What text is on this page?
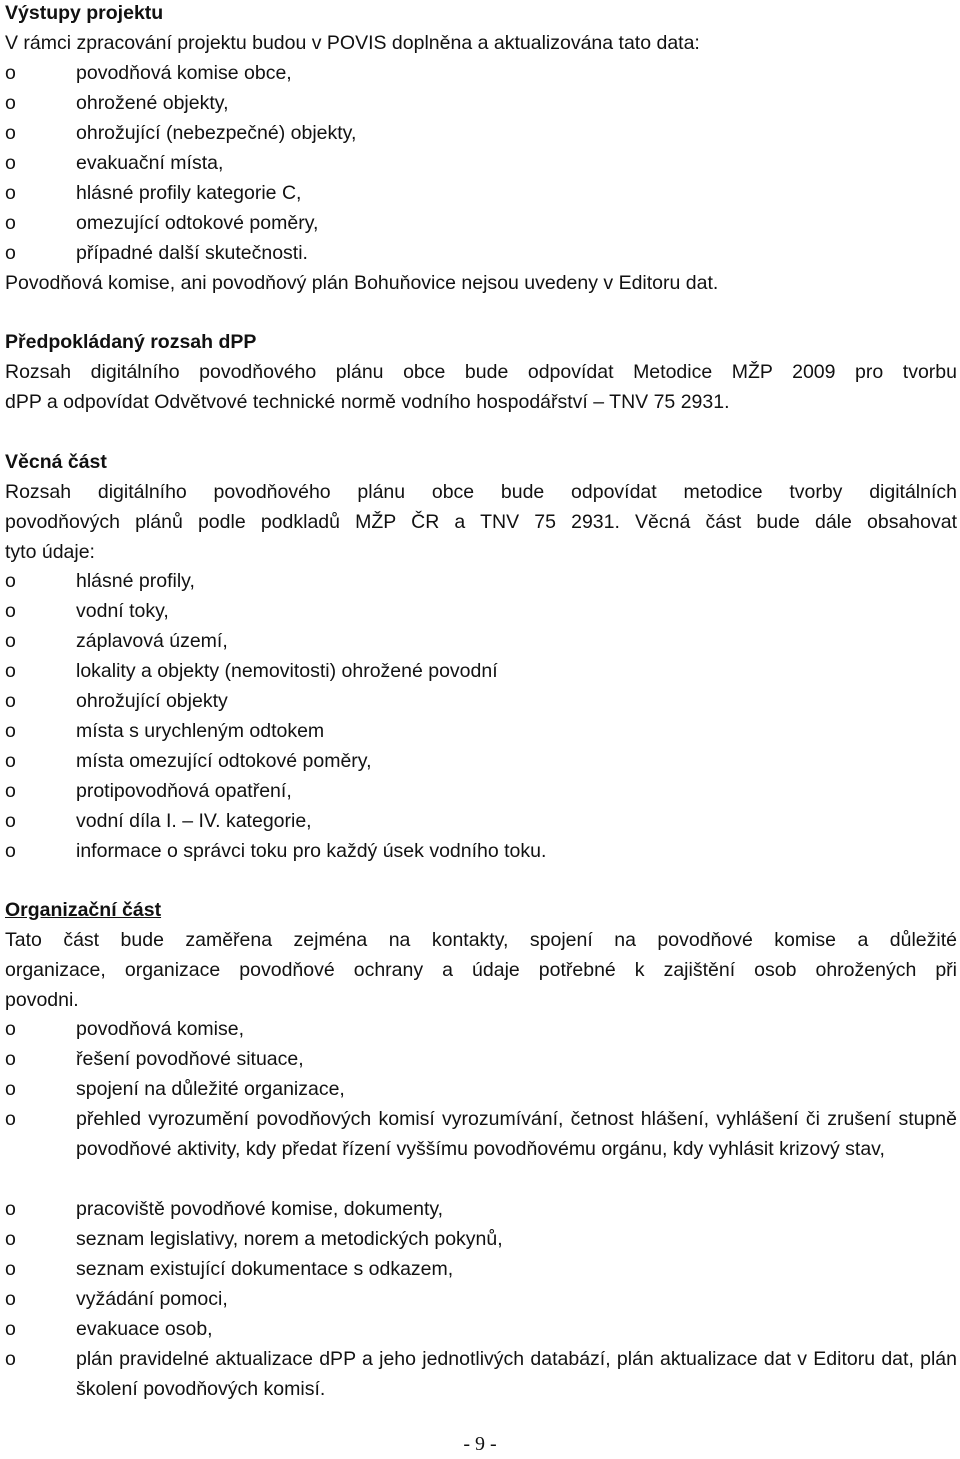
Výstupy projektu
V rámci zpracování projektu budou v POVIS doplněna a aktualizována tato data:
o	povodňová komise obce,
o	ohrožené objekty,
o	ohrožující (nebezpečné) objekty,
o	evakuační místa,
o	hlásné profily kategorie C,
o	omezující odtokové poměry,
o	případné další skutečnosti.
Povodňová komise, ani povodňový plán Bohuňovice nejsou uvedeny v Editoru dat.
Předpokládaný rozsah dPP
Rozsah digitálního povodňového plánu obce bude odpovídat Metodice MŽP 2009 pro tvorbu
dPP a odpovídat Odvětvové technické normě vodního hospodářství – TNV 75 2931.
Věcná část
Rozsah digitálního povodňového plánu obce bude odpovídat metodice tvorby digitálních
povodňových plánů podle podkladů MŽP ČR a TNV 75 2931. Věcná část bude dále obsahovat
tyto údaje:
o	hlásné profily,
o	vodní toky,
o	záplavová území,
o	lokality a objekty (nemovitosti) ohrožené povodní
o	ohrožující objekty
o	místa s urychleným odtokem
o	místa omezující odtokové poměry,
o	protipovodňová opatření,
o	vodní díla I. – IV. kategorie,
o	informace o správci toku pro každý úsek vodního toku.
Organizační část
Tato část bude zaměřena zejména na kontakty, spojení na povodňové komise a důležité
organizace, organizace povodňové ochrany a údaje potřebné k zajištění osob ohrožených při
povodni.
o	povodňová komise,
o	řešení povodňové situace,
o	spojení na důležité organizace,
o	přehled vyrozumění povodňových komisí vyrozumívání, četnost hlášení, vyhlášení či zrušení stupně povodňové aktivity, kdy předat řízení vyššímu povodňovému orgánu, kdy vyhlásit krizový stav,
o	pracoviště povodňové komise, dokumenty,
o	seznam legislativy, norem a metodických pokynů,
o	seznam existující dokumentace s odkazem,
o	vyžádání pomoci,
o	evakuace osob,
o	plán pravidelné aktualizace dPP a jeho jednotlivých databází, plán aktualizace dat v Editoru dat, plán školení povodňových komisí.
- 9 -
